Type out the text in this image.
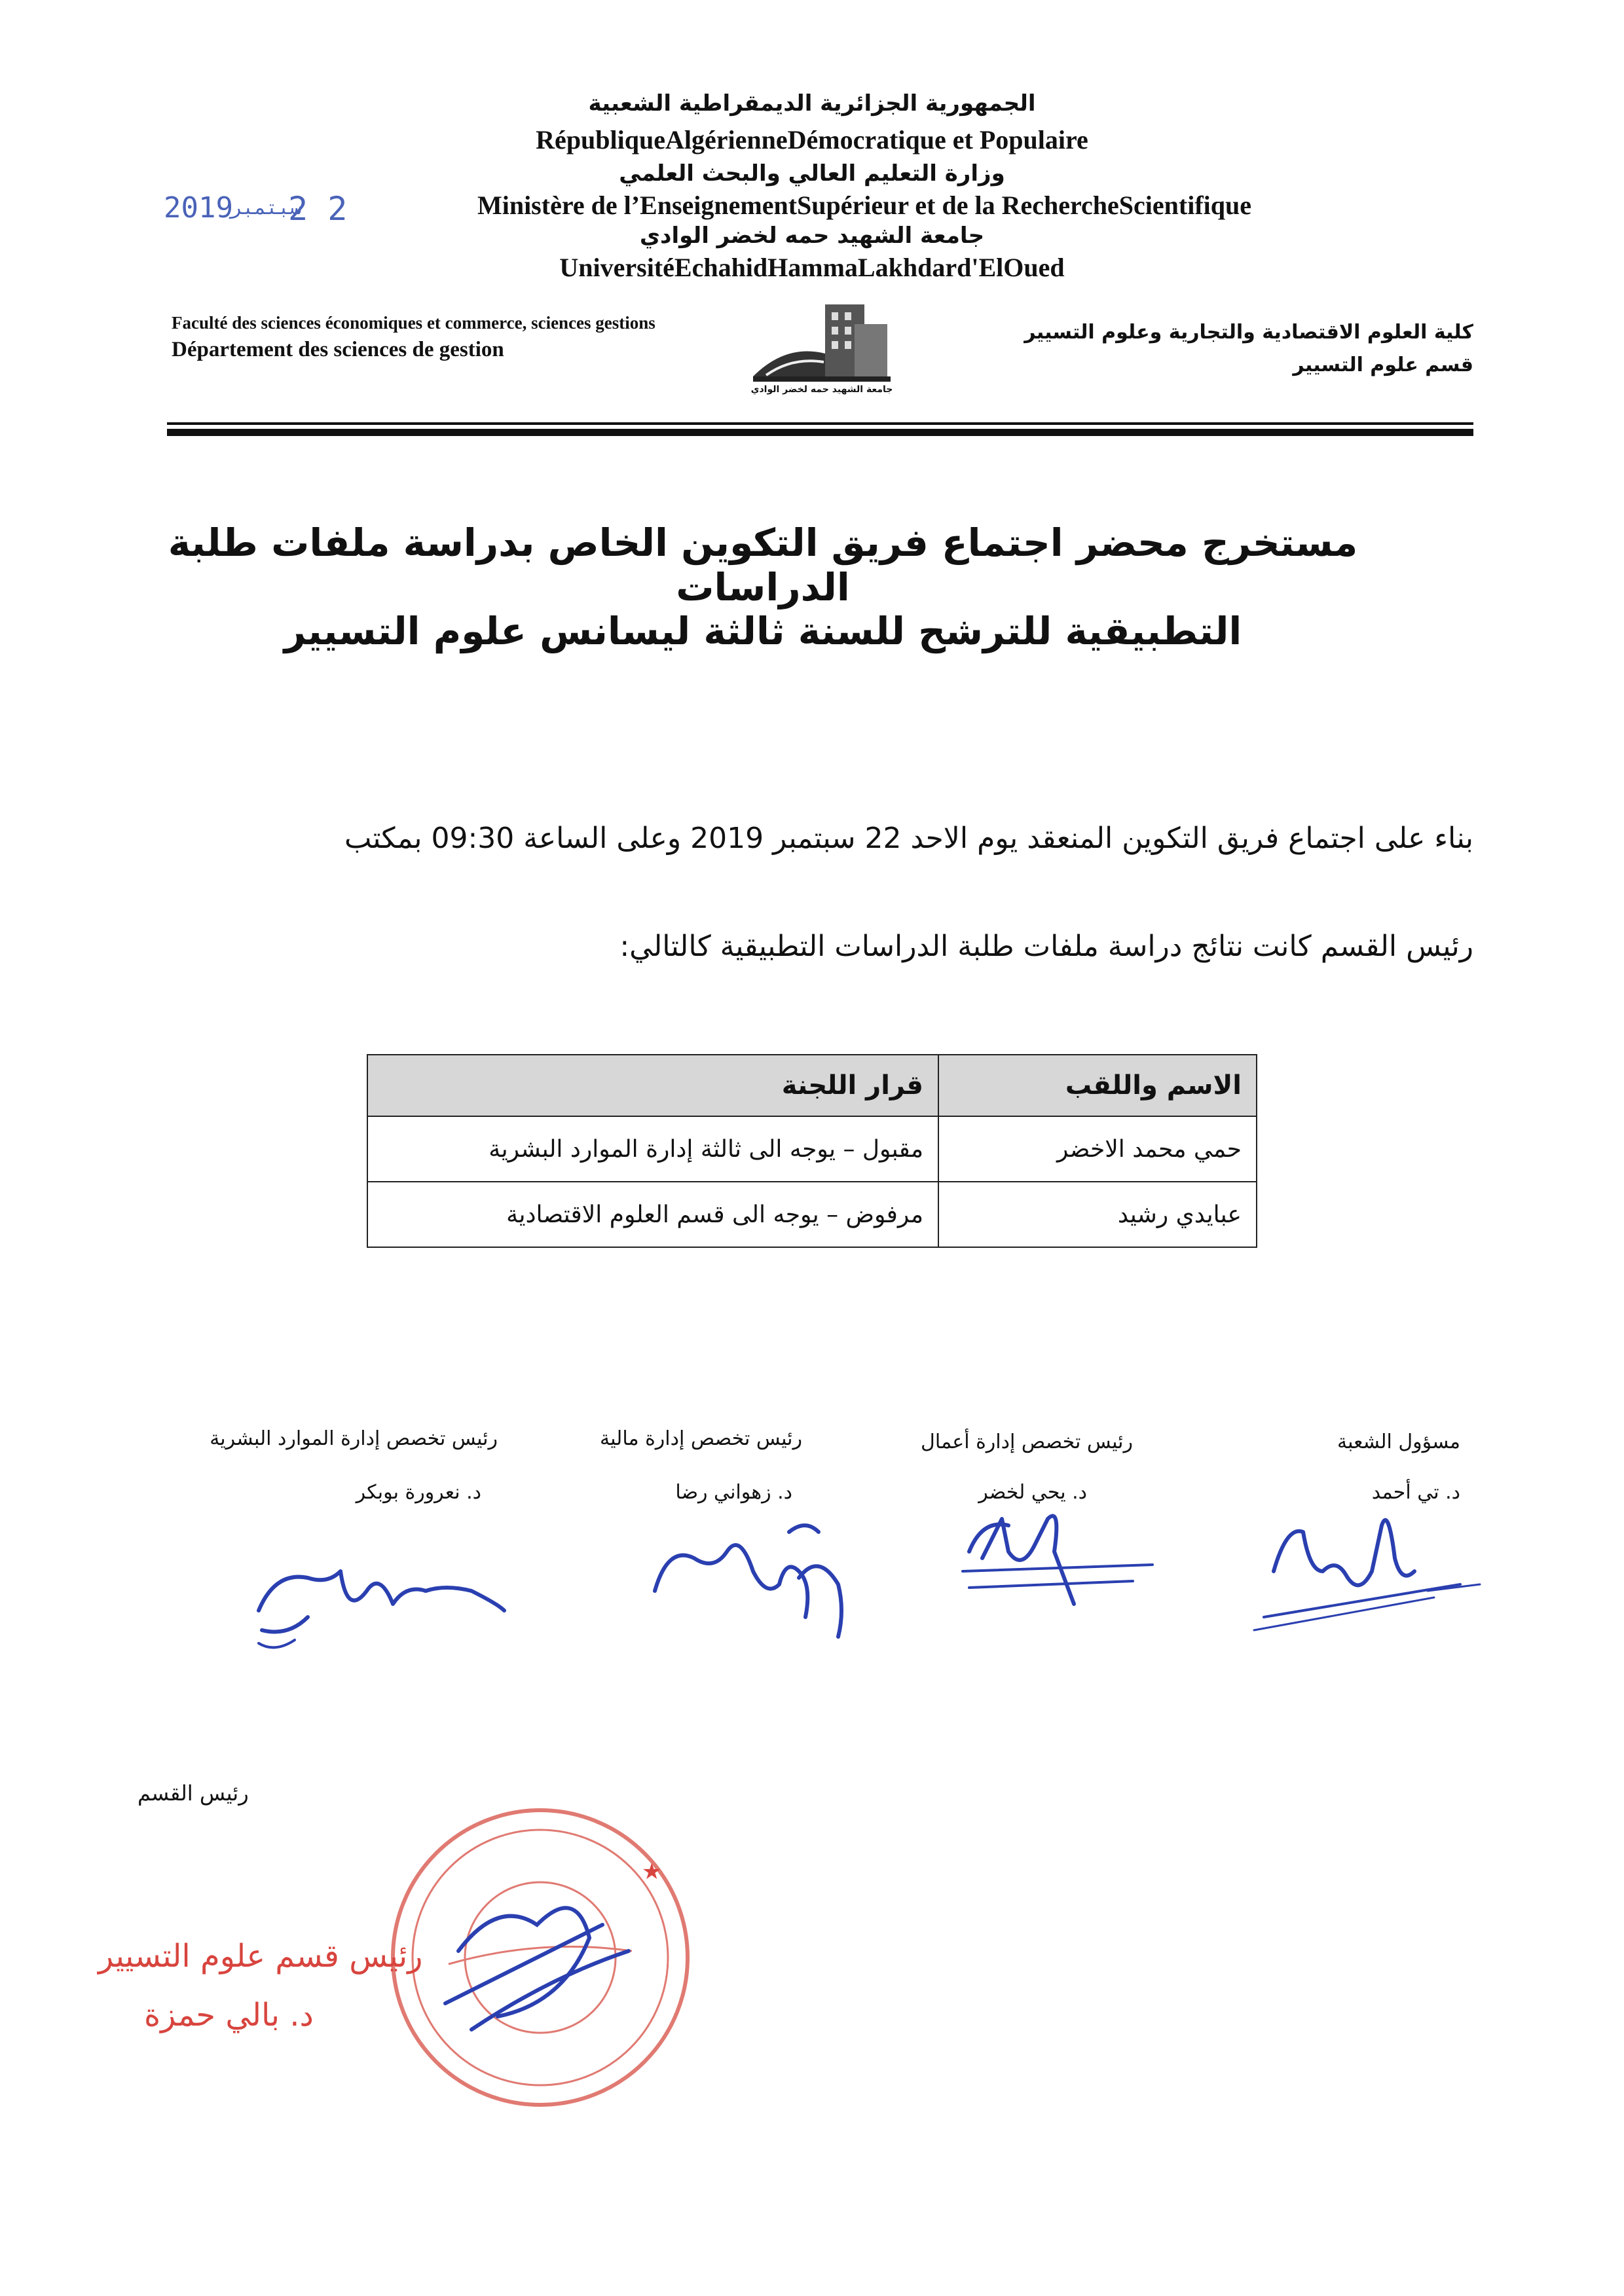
الجمهورية الجزائرية الديمقراطية الشعبية
RépubliqueAlgérienneDémocratique et Populaire
وزارة التعليم العالي والبحث العلمي
Ministère de l’EnseignementSupérieur et de la RechercheScientifique
جامعة الشهيد حمه لخضر الوادي
UniversitéEchahidHammaLakhdard'ElOued
2019
سبتمبر
2 2
Faculté des sciences économiques et commerce, sciences gestions
Département des sciences de gestion
كلية العلوم الاقتصادية والتجارية وعلوم التسيير
قسم علوم التسيير
جامعة الشهيد حمه لخضر الوادي
مستخرج محضر اجتماع فريق التكوين الخاص بدراسة ملفات طلبة الدراسات
التطبيقية للترشح للسنة ثالثة ليسانس علوم التسيير
بناء على اجتماع فريق التكوين المنعقد يوم الاحد 22 سبتمبر 2019 وعلى الساعة 09:30 بمكتب
رئيس القسم كانت نتائج دراسة ملفات طلبة الدراسات التطبيقية كالتالي:
الاسم واللقب	قرار اللجنة
حمي محمد الاخضر	مقبول – يوجه الى ثالثة إدارة الموارد البشرية
عبايدي رشيد	مرفوض – يوجه الى قسم العلوم الاقتصادية
مسؤول الشعبة
د. تي أحمد
رئيس تخصص إدارة أعمال
د. يحي لخضر
رئيس تخصص إدارة مالية
د. زهواني رضا
رئيس تخصص إدارة الموارد البشرية
د. نعرورة بوبكر
رئيس القسم
★
رئيس قسم علوم التسيير
د. بالي حمزة
